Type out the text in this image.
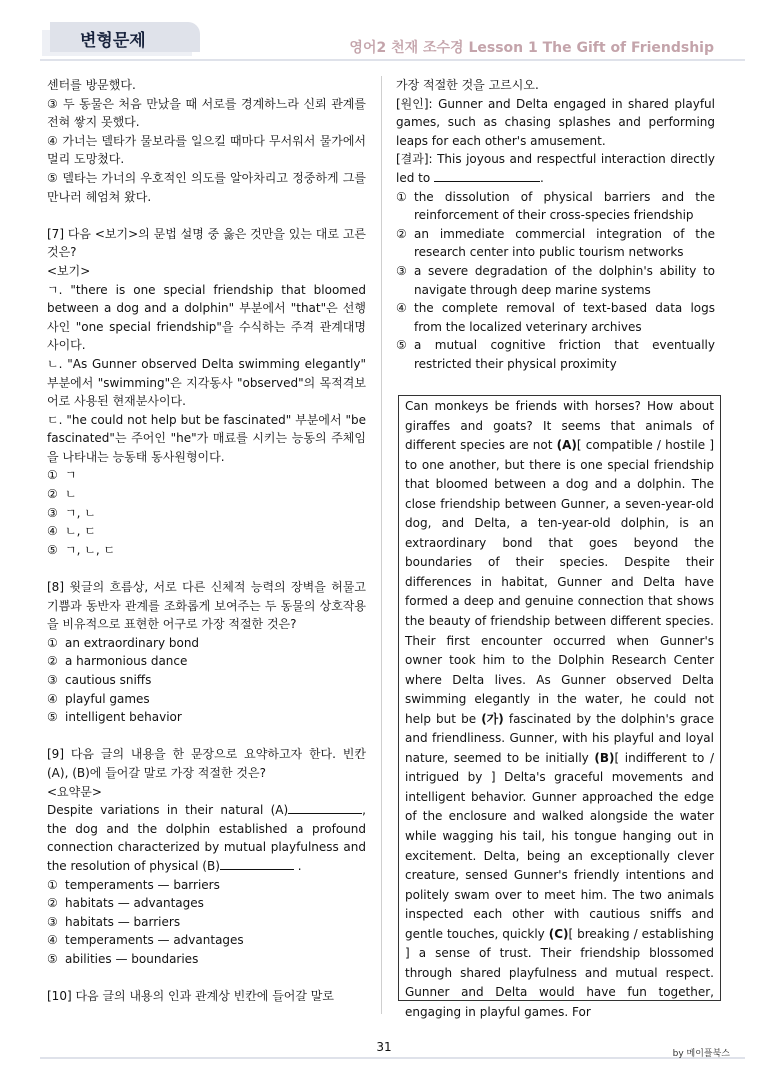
변형문제	영어2 천재 조수경 Lesson 1 The Gift of Friendship

센터를 방문했다.

③ 두 동물은 처음 만났을 때 서로를 경계하느라 신뢰 관계를 전혀 쌓지 못했다.

④ 가너는 델타가 물보라를 일으킬 때마다 무서워서 물가에서 멀리 도망쳤다.

⑤ 델타는 가너의 우호적인 의도를 알아차리고 정중하게 그를 만나러 헤엄쳐 왔다.

[7] 다음 <보기>의 문법 설명 중 옳은 것만을 있는 대로 고른 것은?

<보기>

ㄱ. "there is one special friendship that bloomed between a dog and a dolphin" 부분에서 "that"은 선행사인 "one special friendship"을 수식하는 주격 관계대명사이다.

ㄴ. "As Gunner observed Delta swimming elegantly" 부분에서 "swimming"은 지각동사 "observed"의 목적격보어로 사용된 현재분사이다.

ㄷ. "he could not help but be fascinated" 부분에서 "be fascinated"는 주어인 "he"가 매료를 시키는 능동의 주체임을 나타내는 능동태 동사원형이다.

① ㄱ
② ㄴ
③ ㄱ, ㄴ
④ ㄴ, ㄷ
⑤ ㄱ, ㄴ, ㄷ

[8] 윗글의 흐름상, 서로 다른 신체적 능력의 장벽을 허물고 기쁨과 동반자 관계를 조화롭게 보여주는 두 동물의 상호작용을 비유적으로 표현한 어구로 가장 적절한 것은?

① an extraordinary bond
② a harmonious dance
③ cautious sniffs
④ playful games
⑤ intelligent behavior

[9] 다음 글의 내용을 한 문장으로 요약하고자 한다. 빈칸 (A), (B)에 들어갈 말로 가장 적절한 것은?

<요약문>

Despite variations in their natural (A)	, the dog and the dolphin established a profound connection characterized by mutual playfulness and the resolution of physical (B)	.

① temperaments — barriers
② habitats — advantages
③ habitats — barriers
④ temperaments — advantages
⑤ abilities — boundaries

[10] 다음 글의 내용의 인과 관계상 빈칸에 들어갈 말로

가장 적절한 것을 고르시오.

[원인]: Gunner and Delta engaged in shared playful games, such as chasing splashes and performing leaps for each other's amusement.

[결과]: This joyous and respectful interaction directly led to	.

① the dissolution of physical barriers and the reinforcement of their cross-species friendship
② an immediate commercial integration of the research center into public tourism networks
③ a severe degradation of the dolphin's ability to navigate through deep marine systems
④ the complete removal of text-based data logs from the localized veterinary archives
⑤ a mutual cognitive friction that eventually restricted their physical proximity
Can monkeys be friends with horses? How about giraffes and goats? It seems that animals of different species are not (A)[ compatible / hostile ] to one another, but there is one special friendship that bloomed between a dog and a dolphin. The close friendship between Gunner, a seven-year-old dog, and Delta, a ten-year-old dolphin, is an extraordinary bond that goes beyond the boundaries of their species. Despite their differences in habitat, Gunner and Delta have formed a deep and genuine connection that shows the beauty of friendship between different species. Their first encounter occurred when Gunner's owner took him to the Dolphin Research Center where Delta lives. As Gunner observed Delta swimming elegantly in the water, he could not help but be (가) fascinated by the dolphin's grace and friendliness. Gunner, with his playful and loyal nature, seemed to be initially (B)[ indifferent to / intrigued by ] Delta's graceful movements and intelligent behavior. Gunner approached the edge of the enclosure and walked alongside the water while wagging his tail, his tongue hanging out in excitement. Delta, being an exceptionally clever creature, sensed Gunner's friendly intentions and politely swam over to meet him. The two animals inspected each other with cautious sniffs and gentle touches, quickly (C)[ breaking / establishing ] a sense of trust. Their friendship blossomed through shared playfulness and mutual respect. Gunner and Delta would have fun together, engaging in playful games. For
31	by 메이플북스
